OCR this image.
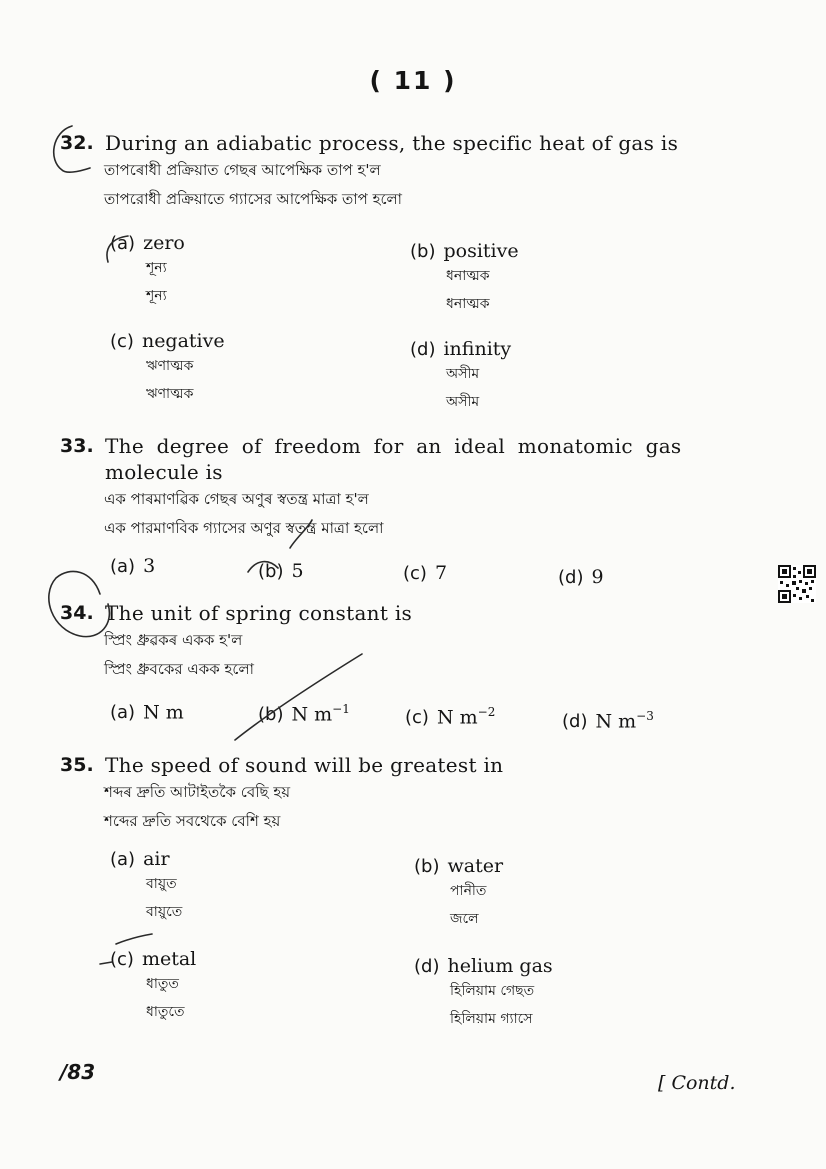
( 11 )
32. During an adiabatic process, the specific heat of gas is
তাপৰোধী প্ৰক্ৰিয়াত গেছৰ আপেক্ষিক তাপ হ'ল
তাপরোধী প্রক্রিয়াতে গ্যাসের আপেক্ষিক তাপ হলো
(a) zero
শূন্য
শূন্য
(b) positive
ধনাত্মক
ধনাত্মক
(c) negative
ঋণাত্মক
ঋণাত্মক
(d) infinity
অসীম
অসীম
33. The degree of freedom for an ideal monatomic gas
molecule is
এক পাৰমাণৱিক গেছৰ অণুৰ স্বতন্ত্ৰ মাত্ৰা হ'ল
এক পারমাণবিক গ্যাসের অণুর স্বতন্ত্র মাত্রা হলো
(a) 3	(b) 5	(c) 7	(d) 9
34. The unit of spring constant is
স্প্ৰিং ধ্ৰুৱকৰ একক হ'ল
স্প্রিং ধ্রুবকের একক হলো
(a) N m	(b) N $m^{-1}$	(c) N $m^{-2}$	(d) N $m^{-3}$
35. The speed of sound will be greatest in
শব্দৰ দ্ৰুতি আটাইতকৈ বেছি হয়
শব্দের দ্রুতি সবথেকে বেশি হয়
(a) air
বায়ুত
বায়ুতে
(b) water
পানীত
জলে
(c) metal
ধাতুত
ধাতুতে
(d) helium gas
হিলিয়াম গেছত
হিলিয়াম গ্যাসে
/83	[ Contd.
